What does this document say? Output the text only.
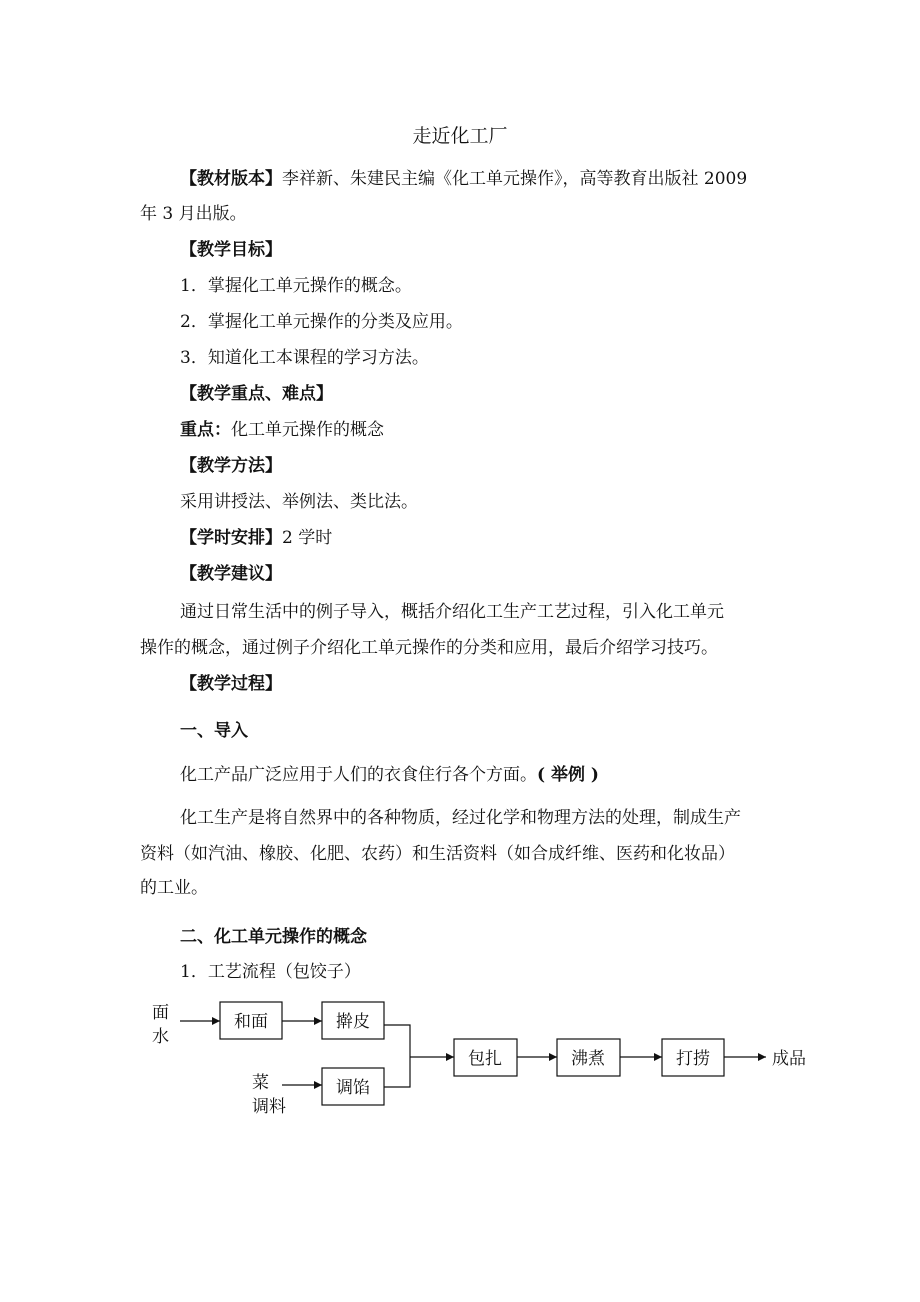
走近化工厂
【教材版本】李祥新、朱建民主编《化工单元操作》，高等教育出版社 2009
年 3 月出版。
【教学目标】
1．掌握化工单元操作的概念。
2．掌握化工单元操作的分类及应用。
3．知道化工本课程的学习方法。
【教学重点、难点】
重点：化工单元操作的概念
【教学方法】
采用讲授法、举例法、类比法。
【学时安排】2 学时
【教学建议】
通过日常生活中的例子导入，概括介绍化工生产工艺过程，引入化工单元
操作的概念，通过例子介绍化工单元操作的分类和应用，最后介绍学习技巧。
【教学过程】
一、导入
化工产品广泛应用于人们的衣食住行各个方面。( 举例 )
化工生产是将自然界中的各种物质，经过化学和物理方法的处理，制成生产
资料（如汽油、橡胶、化肥、农药）和生活资料（如合成纤维、医药和化妆品）
的工业。
二、化工单元操作的概念
1．工艺流程（包饺子）
面
水
菜
调料
和面	擀皮
调馅
包扎	沸煮	打捞	成品
